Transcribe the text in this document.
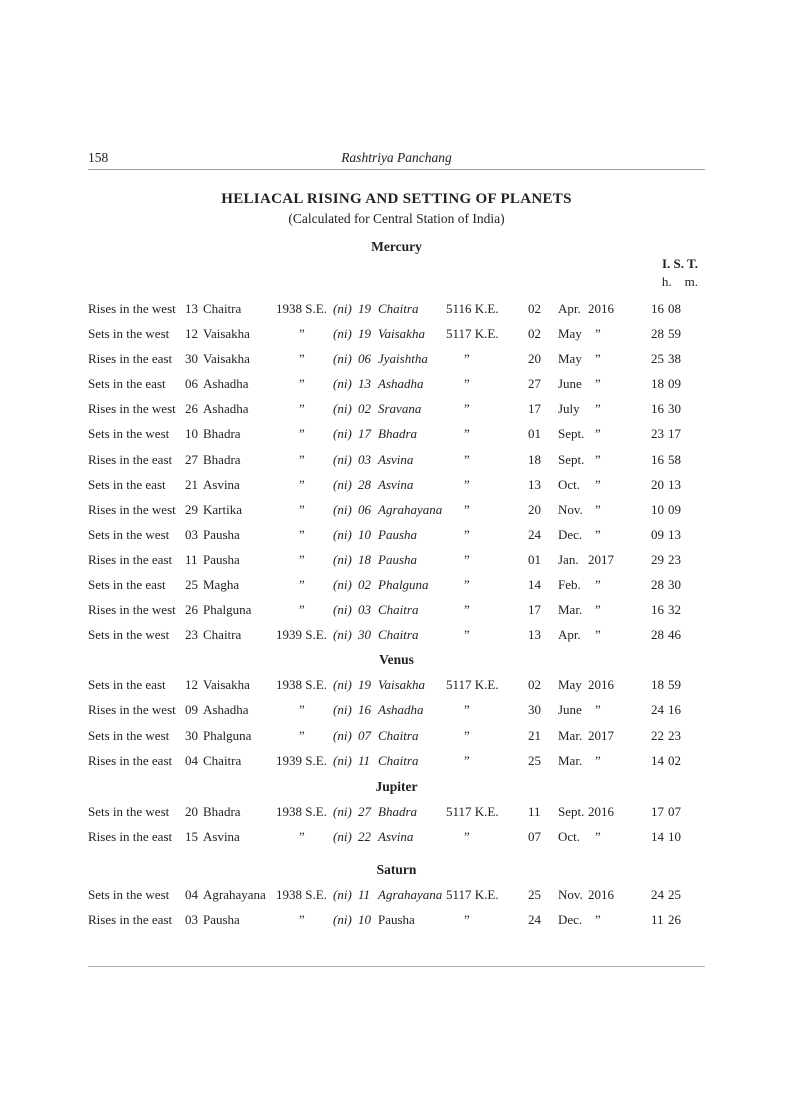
158	Rashtriya Panchang
HELIACAL RISING AND SETTING OF PLANETS
(Calculated for Central Station of India)
I. S. T.
h. m.
Mercury
Rises in the west 13 Chaitra	1938 S.E. (ni) 19 Chaitra	5116 K.E.	02	Apr. 2016	16 08
Sets in the west	12 Vaisakha	”	(ni) 19 Vaisakha	5117 K.E.	02	May	”	28 59
Rises in the east 30 Vaisakha	”	(ni) 06 Jyaishtha	”	20	May	”	25 38
Sets in the east	06 Ashadha	”	(ni) 13 Ashadha	”	27	June	”	18 09
Rises in the west 26 Ashadha	”	(ni) 02 Sravana	”	17	July	”	16 30
Sets in the west	10 Bhadra	”	(ni) 17 Bhadra	”	01	Sept. ”	23 17
Rises in the east 27 Bhadra	”	(ni) 03 Asvina	”	18	Sept. ”	16 58
Sets in the east	21 Asvina	”	(ni) 28 Asvina	”	13	Oct.	”	20 13
Rises in the west 29 Kartika	”	(ni) 06 Agrahayana	”	20	Nov. ”	10 09
Sets in the west	03 Pausha	”	(ni) 10 Pausha	”	24	Dec. ”	09 13
Rises in the east 11 Pausha	”	(ni) 18 Pausha	”	01	Jan. 2017	29 23
Sets in the east	25 Magha	”	(ni) 02 Phalguna	”	14	Feb.	”	28 30
Rises in the west 26 Phalguna	”	(ni) 03 Chaitra	”	17	Mar. ”	16 32
Sets in the west	23 Chaitra	1939 S.E. (ni) 30 Chaitra	”	13	Apr.	”	28 46
Venus
Sets in the east	12 Vaisakha	1938 S.E. (ni) 19 Vaisakha	5117 K.E.	02	May 2016	18 59
Rises in the west 09 Ashadha	”	(ni) 16 Ashadha	”	30	June	”	24 16
Sets in the west	30 Phalguna	”	(ni) 07 Chaitra	”	21	Mar. 2017	22 23
Rises in the east 04 Chaitra	1939 S.E. (ni) 11 Chaitra	”	25	Mar. ”	14 02
Jupiter
Sets in the west	20 Bhadra	1938 S.E. (ni) 27 Bhadra	5117 K.E.	11	Sept. 2016	17 07
Rises in the east 15 Asvina	”	(ni) 22 Asvina	”	07	Oct.	”	14 10
Saturn
Sets in the west	04 Agrahayana 1938 S.E. (ni) 11 Agrahayana 5117 K.E.	25	Nov. 2016	24 25
Rises in the east 03 Pausha	”	(ni) 10 Pausha	”	24	Dec. ”	11 26
